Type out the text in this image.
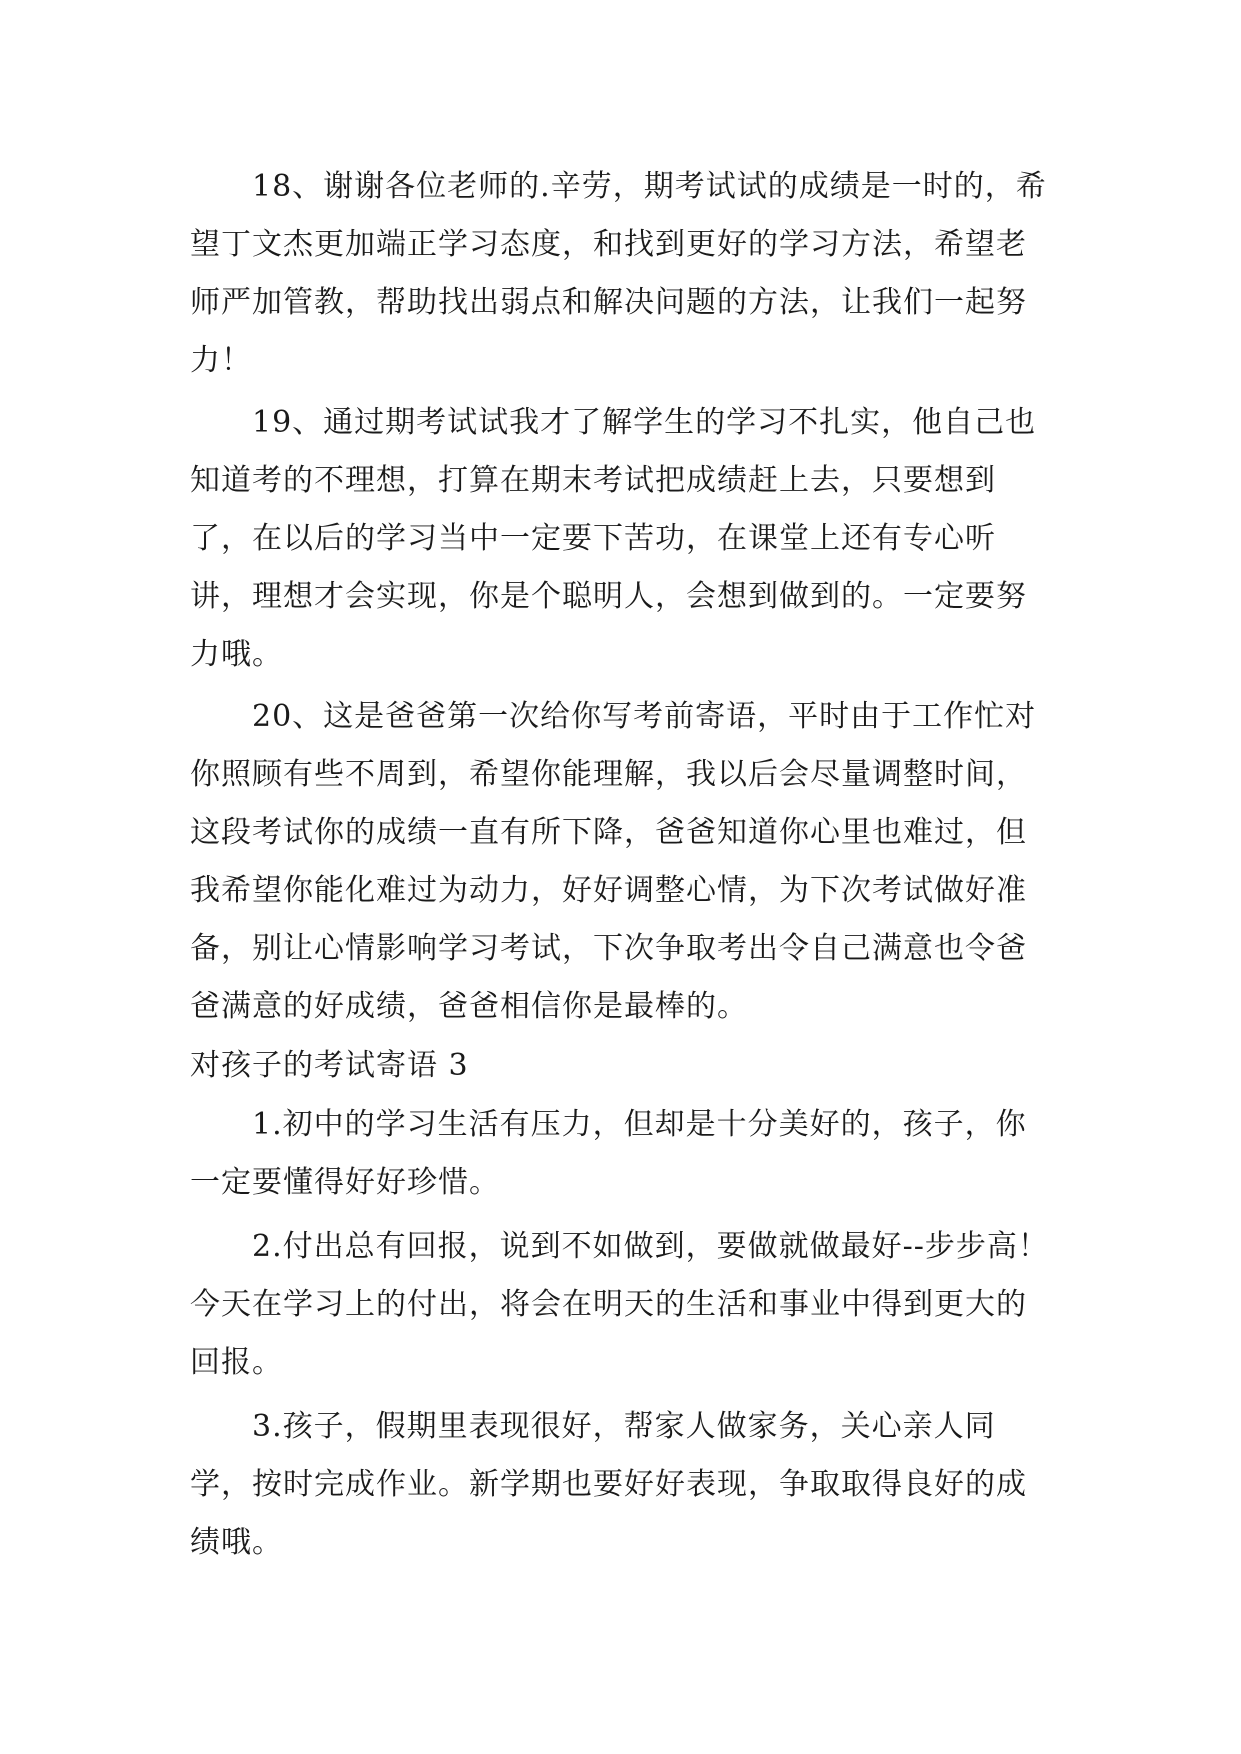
18、谢谢各位老师的.辛劳，期考试试的成绩是一时的，希望丁文杰更加端正学习态度，和找到更好的学习方法，希望老师严加管教，帮助找出弱点和解决问题的方法，让我们一起努力！

19、通过期考试试我才了解学生的学习不扎实，他自己也知道考的不理想，打算在期末考试把成绩赶上去，只要想到了，在以后的学习当中一定要下苦功，在课堂上还有专心听讲，理想才会实现，你是个聪明人，会想到做到的。一定要努力哦。

20、这是爸爸第一次给你写考前寄语，平时由于工作忙对你照顾有些不周到，希望你能理解，我以后会尽量调整时间，这段考试你的成绩一直有所下降，爸爸知道你心里也难过，但我希望你能化难过为动力，好好调整心情，为下次考试做好准备，别让心情影响学习考试，下次争取考出令自己满意也令爸爸满意的好成绩，爸爸相信你是最棒的。

对孩子的考试寄语 3

1.初中的学习生活有压力，但却是十分美好的，孩子，你一定要懂得好好珍惜。

2.付出总有回报，说到不如做到，要做就做最好--步步高！今天在学习上的付出，将会在明天的生活和事业中得到更大的回报。

3.孩子，假期里表现很好，帮家人做家务，关心亲人同学，按时完成作业。新学期也要好好表现，争取取得良好的成绩哦。
